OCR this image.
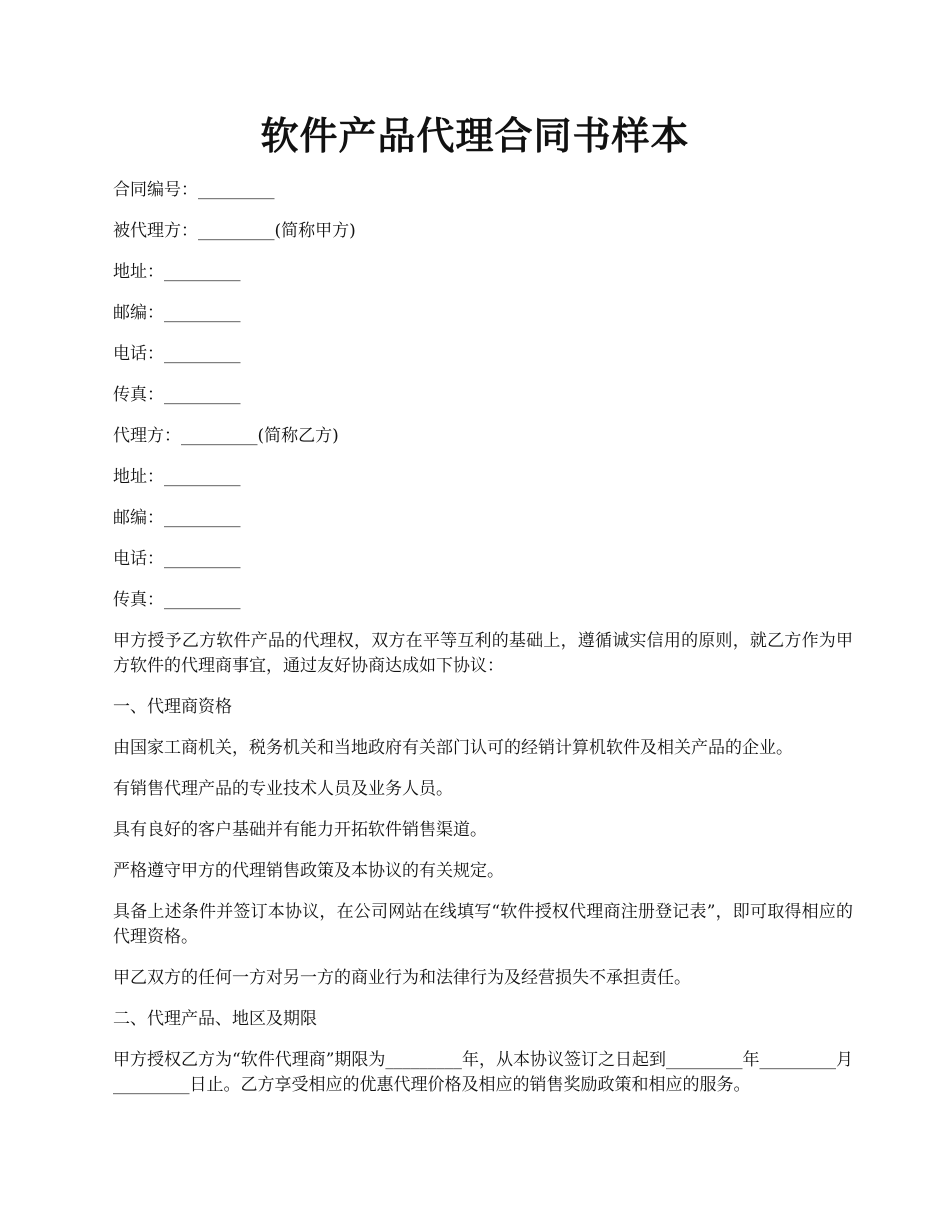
软件产品代理合同书样本
合同编号：_________
被代理方：_________(简称甲方)
地址：_________
邮编：_________
电话：_________
传真：_________
代理方：_________(简称乙方)
地址：_________
邮编：_________
电话：_________
传真：_________
甲方授予乙方软件产品的代理权，双方在平等互利的基础上，遵循诚实信用的原则，就乙方作为甲方软件的代理商事宜，通过友好协商达成如下协议：
一、代理商资格
由国家工商机关，税务机关和当地政府有关部门认可的经销计算机软件及相关产品的企业。
有销售代理产品的专业技术人员及业务人员。
具有良好的客户基础并有能力开拓软件销售渠道。
严格遵守甲方的代理销售政策及本协议的有关规定。
具备上述条件并签订本协议，在公司网站在线填写“软件授权代理商注册登记表”，即可取得相应的代理资格。
甲乙双方的任何一方对另一方的商业行为和法律行为及经营损失不承担责任。
二、代理产品、地区及期限
甲方授权乙方为“软件代理商”期限为_________年，从本协议签订之日起到_________年_________月_________日止。乙方享受相应的优惠代理价格及相应的销售奖励政策和相应的服务。
